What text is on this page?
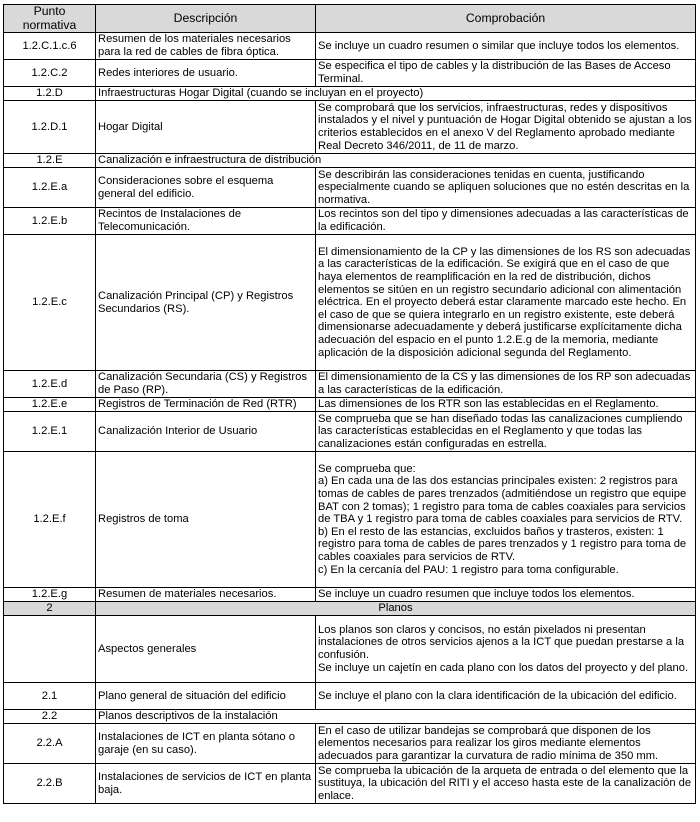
Punto normativa	Descripción	Comprobación
1.2.C.1.c.6	Resumen de los materiales necesarios para la red de cables de fibra óptica.	Se incluye un cuadro resumen o similar que incluye todos los elementos.
1.2.C.2	Redes interiores de usuario.	Se especifica el tipo de cables y la distribución de las Bases de Acceso Terminal.
1.2.D	Infraestructuras Hogar Digital (cuando se incluyan en el proyecto)	
1.2.D.1	Hogar Digital	Se comprobará que los servicios, infraestructuras, redes y dispositivos instalados y el nivel y puntuación de Hogar Digital obtenido se ajustan a los criterios establecidos en el anexo V del Reglamento aprobado mediante Real Decreto 346/2011, de 11 de marzo.
1.2.E	Canalización e infraestructura de distribución	
1.2.E.a	Consideraciones sobre el esquema general del edificio.	Se describirán las consideraciones tenidas en cuenta, justificando especialmente cuando se apliquen soluciones que no estén descritas en la normativa.
1.2.E.b	Recintos de Instalaciones de Telecomunicación.	Los recintos son del tipo y dimensiones adecuadas a las características de la edificación.
1.2.E.c	Canalización Principal (CP) y Registros Secundarios (RS).	El dimensionamiento de la CP y las dimensiones de los RS son adecuadas a las características de la edificación. Se exigirá que en el caso de que haya elementos de reamplificación en la red de distribución, dichos elementos se sitúen en un registro secundario adicional con alimentación eléctrica. En el proyecto deberá estar claramente marcado este hecho. En el caso de que se quiera integrarlo en un registro existente, este deberá dimensionarse adecuadamente y deberá justificarse explícitamente dicha adecuación del espacio en el punto 1.2.E.g de la memoria, mediante aplicación de la disposición adicional segunda del Reglamento.
1.2.E.d	Canalización Secundaria (CS) y Registros de Paso (RP).	El dimensionamiento de la CS y las dimensiones de los RP son adecuadas a las características de la edificación.
1.2.E.e	Registros de Terminación de Red (RTR)	Las dimensiones de los RTR son las establecidas en el Reglamento.
1.2.E.1	Canalización Interior de Usuario	Se comprueba que se han diseñado todas las canalizaciones cumpliendo las características establecidas en el Reglamento y que todas las canalizaciones están configuradas en estrella.
1.2.E.f	Registros de toma	Se comprueba que:
a) En cada una de las dos estancias principales existen: 2 registros para tomas de cables de pares trenzados (admitiéndose un registro que equipe BAT con 2 tomas); 1 registro para toma de cables coaxiales para servicios de TBA y 1 registro para toma de cables coaxiales para servicios de RTV.
b) En el resto de las estancias, excluidos baños y trasteros, existen: 1 registro para toma de cables de pares trenzados y 1 registro para toma de cables coaxiales para servicios de RTV.
c) En la cercanía del PAU: 1 registro para toma configurable.
1.2.E.g	Resumen de materiales necesarios.	Se incluye un cuadro resumen que incluye todos los elementos.
2	Planos	
	Aspectos generales	Los planos son claros y concisos, no están pixelados ni presentan instalaciones de otros servicios ajenos a la ICT que puedan prestarse a la confusión.
Se incluye un cajetín en cada plano con los datos del proyecto y del plano.
2.1	Plano general de situación del edificio	Se incluye el plano con la clara identificación de la ubicación del edificio.
2.2	Planos descriptivos de la instalación	
2.2.A	Instalaciones de ICT en planta sótano o garaje (en su caso).	En el caso de utilizar bandejas se comprobará que disponen de los elementos necesarios para realizar los giros mediante elementos adecuados para garantizar la curvatura de radio mínima de 350 mm.
2.2.B	Instalaciones de servicios de ICT en planta baja.	Se comprueba la ubicación de la arqueta de entrada o del elemento que la sustituya, la ubicación del RITI y el acceso hasta este de la canalización de enlace.
